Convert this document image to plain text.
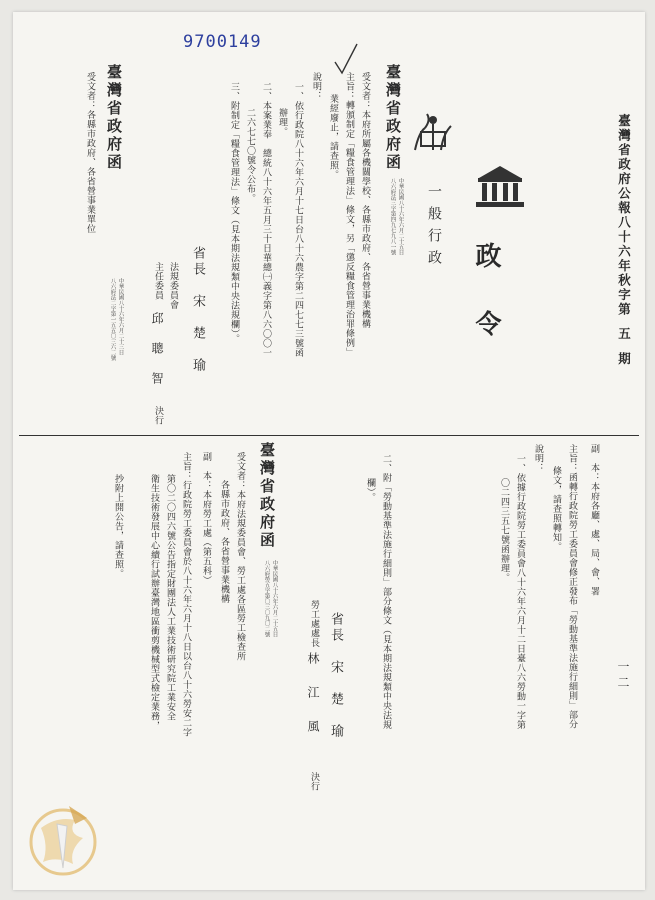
9700149
臺灣省政府公報八十六年秋字第五期
政　令
一般行政
臺灣省政府函
中華民國八十六年六月二十五日
八六府法三字第四九七九八一號
受文者：本府所屬各機關學校、各縣市政府、各省營事業機構
主旨：轉頒制定「糧食管理法」條文，另「懲反糧食管理治罪條例」
業經廢止，請查照。
說明：
一、依行政院八十六年六月十七日台八十六農字第二四七七三號函
辦理。
二、本案業奉　總統八十六年五月三十日華總㈠義字第八六〇〇一
二六七七〇號令公布。
三、附制定「糧食管理法」條文（見本期法規類中央法規欄）。
省長　宋　楚　瑜
法規委員會
主任委員
邱　聰　智
決行
臺灣省政府函
中華民國八十六年六月二十三日
八六府法二字第一五五〇三六二號
受文者：各縣市政府、各省營事業單位
一二
副　本：本府各廳、處、局、會、署
主旨：函轉行政院勞工委員會修正發布「勞動基準法施行細則」部分
條文，請查照轉知。
說明：
一、依據行政院勞工委員會八十六年六月十二日臺八六勞動一字第
〇二四三五七號函辦理。
二、附「勞動基準法施行細則」部分條文（見本期法規類中央法規
欄）。
省長　宋　楚　瑜
勞工處處長
林　江　風
決行
臺灣省政府函
中華民國八十六年六月二十五日
八六府勞五字第〇三〇九〇二號
受文者：本府法規委員會、勞工處各區勞工檢查所
各縣市政府、各省營事業機構
副　本：本府勞工處（第五科）
主旨：行政院勞工委員會於八十六年六月十八日以台八十六勞安二字
第〇二〇四六號公告指定財團法人工業技術研究院工業安全
衛生技術發展中心續行試辦臺灣地區衝剪機械型式檢定業務，
抄附上開公告，請查照。
